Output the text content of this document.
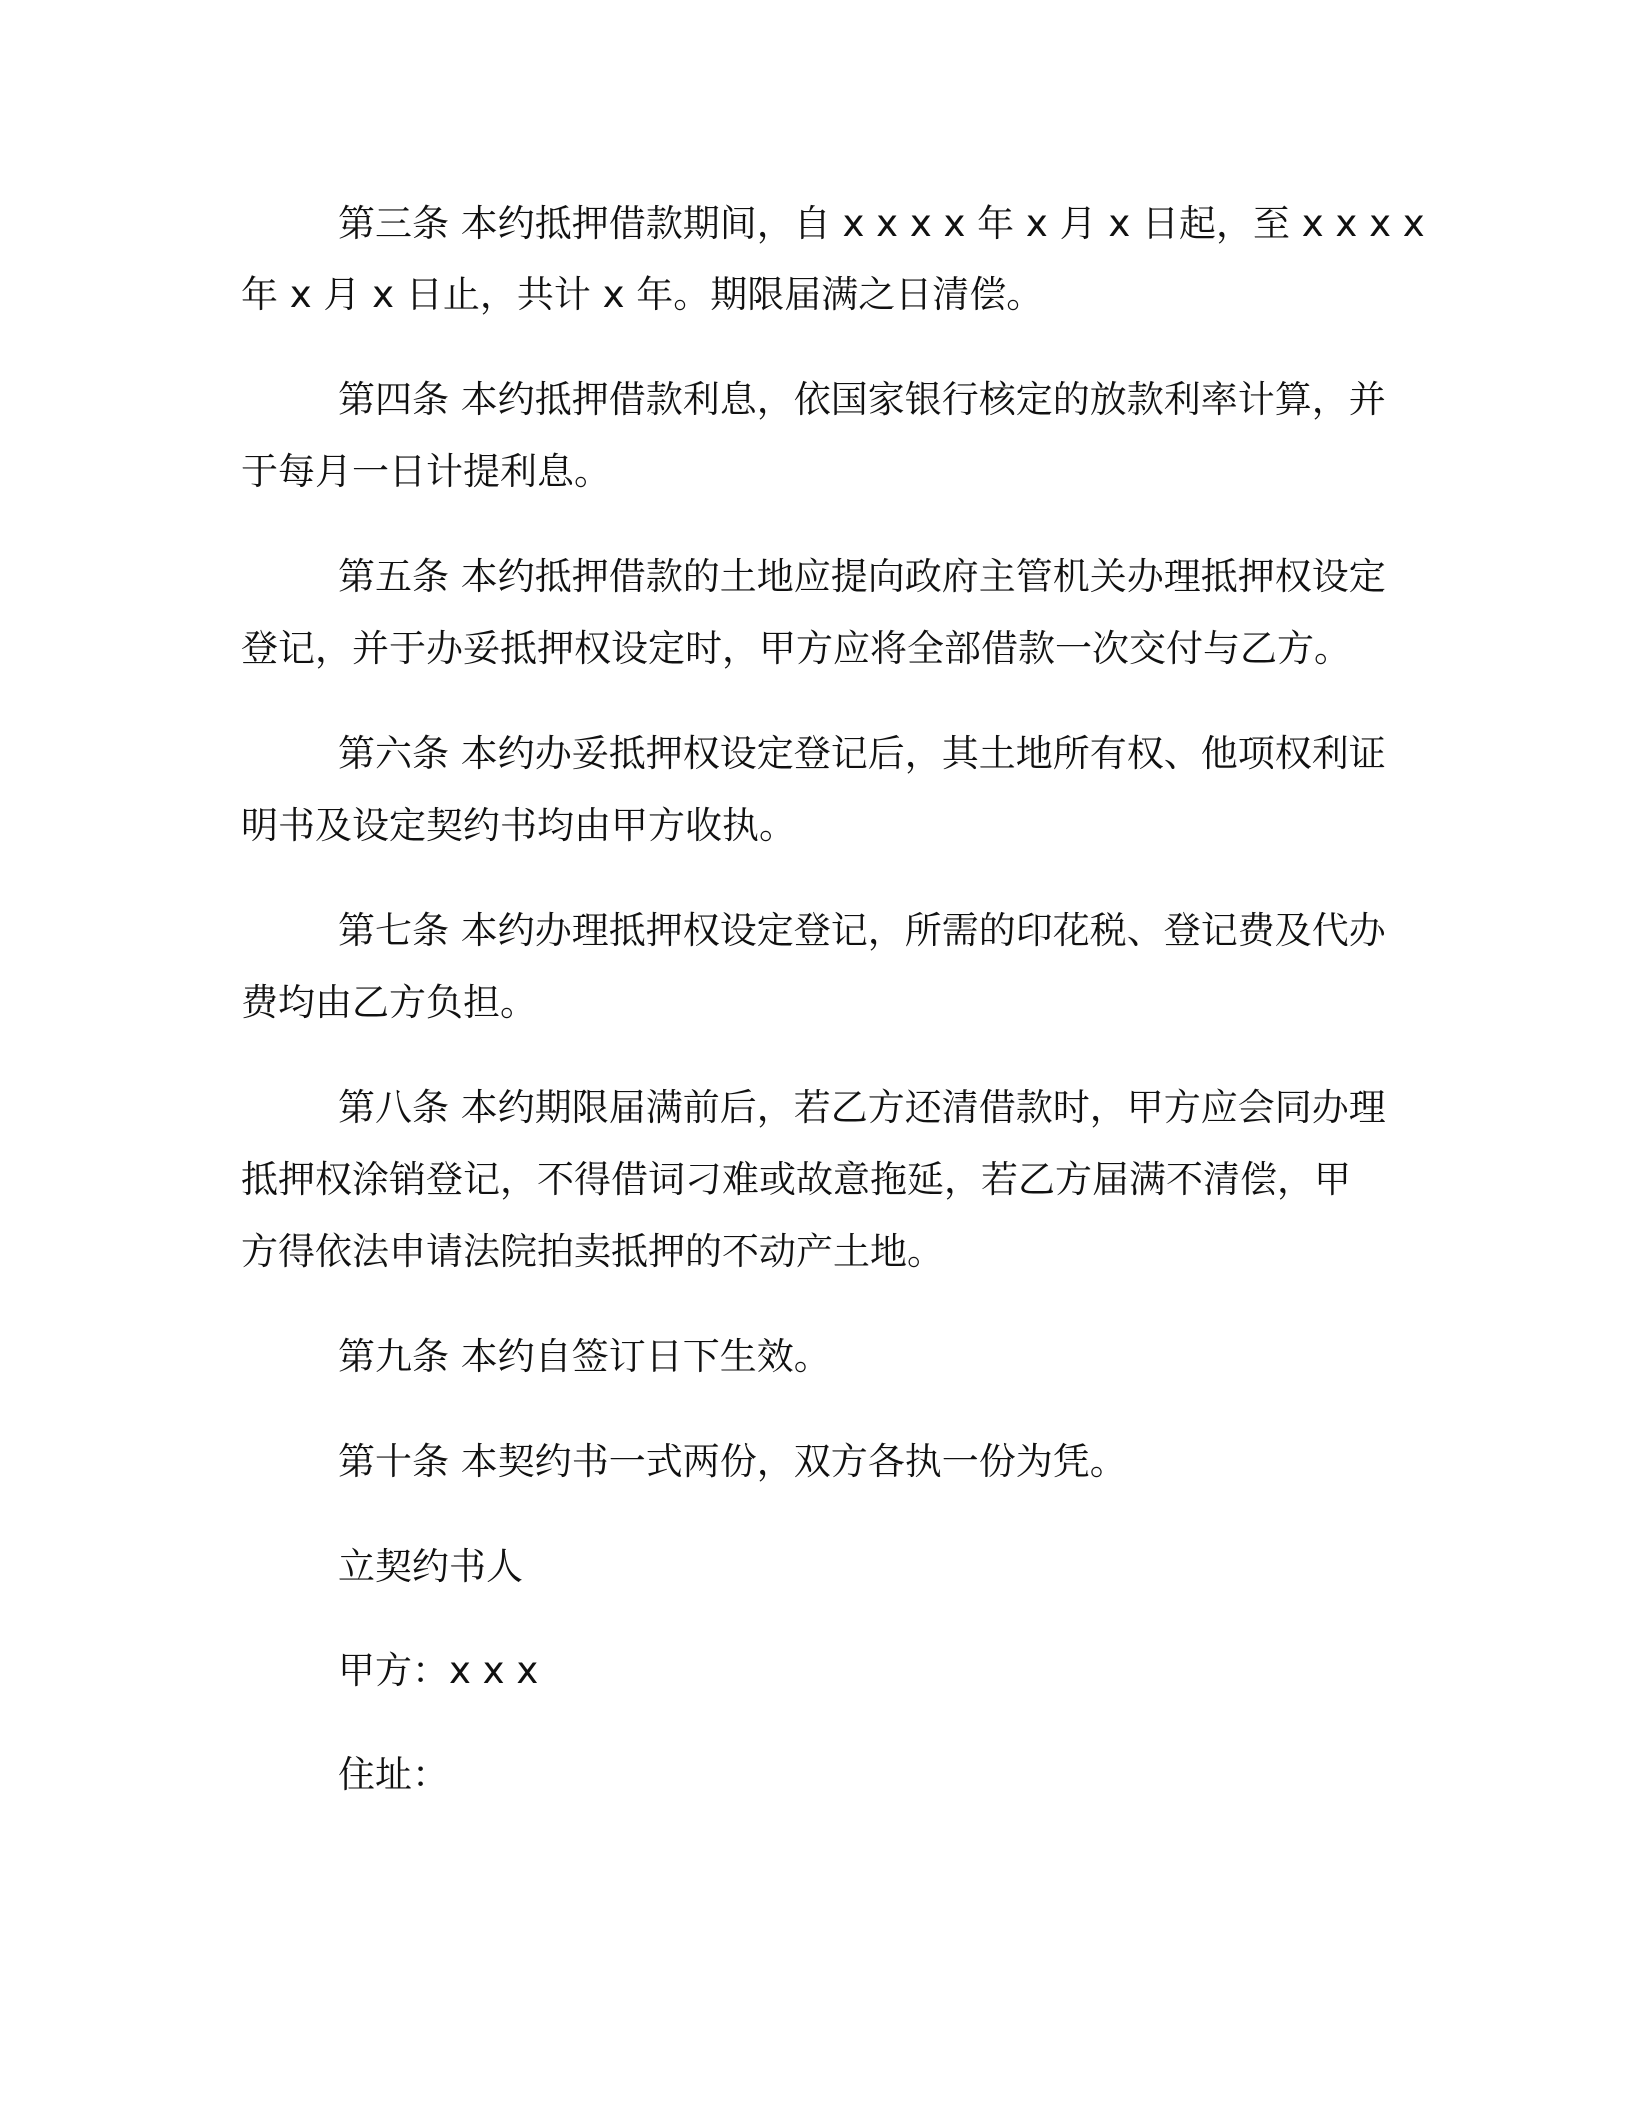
第三条 本约抵押借款期间，自 x x x x 年 x 月 x 日起，至 x x x x
年 x 月 x 日止，共计 x 年。期限届满之日清偿。
第四条 本约抵押借款利息，依国家银行核定的放款利率计算，并
于每月一日计提利息。
第五条 本约抵押借款的土地应提向政府主管机关办理抵押权设定
登记，并于办妥抵押权设定时，甲方应将全部借款一次交付与乙方。
第六条 本约办妥抵押权设定登记后，其土地所有权、他项权利证
明书及设定契约书均由甲方收执。
第七条 本约办理抵押权设定登记，所需的印花税、登记费及代办
费均由乙方负担。
第八条 本约期限届满前后，若乙方还清借款时，甲方应会同办理
抵押权涂销登记，不得借词刁难或故意拖延，若乙方届满不清偿，甲
方得依法申请法院拍卖抵押的不动产土地。
第九条 本约自签订日下生效。
第十条 本契约书一式两份，双方各执一份为凭。
立契约书人
甲方：x x x
住址：
